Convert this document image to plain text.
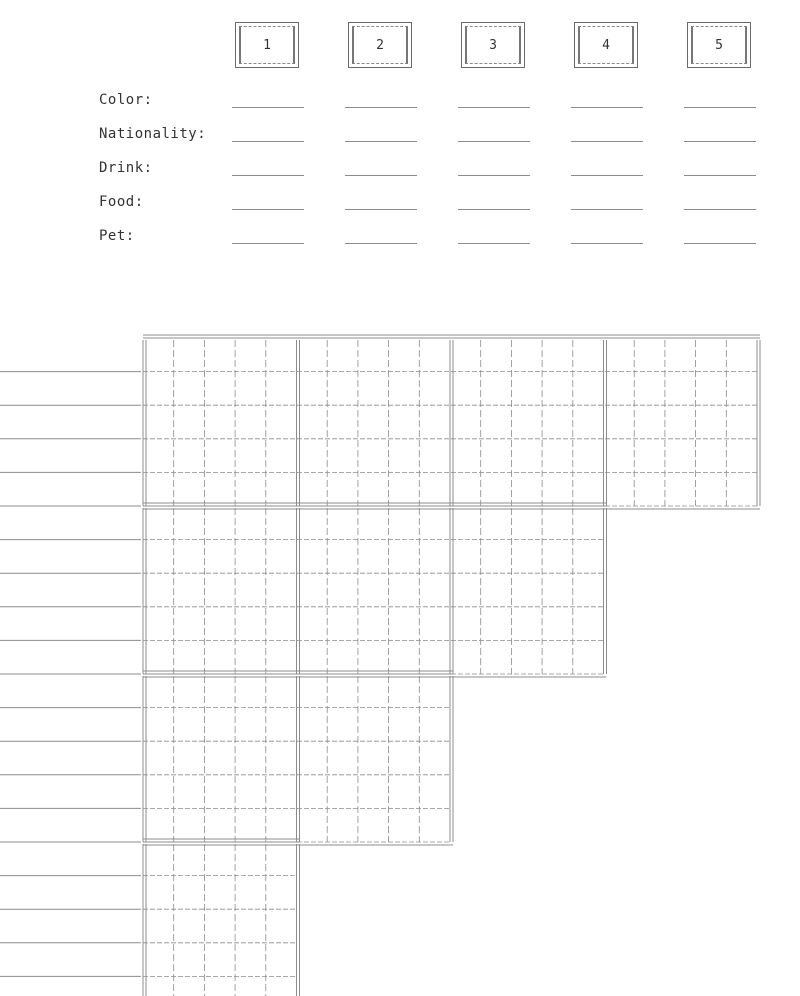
1	2	3	4	5
Color:
Nationality:
Drink:
Food:
Pet:
